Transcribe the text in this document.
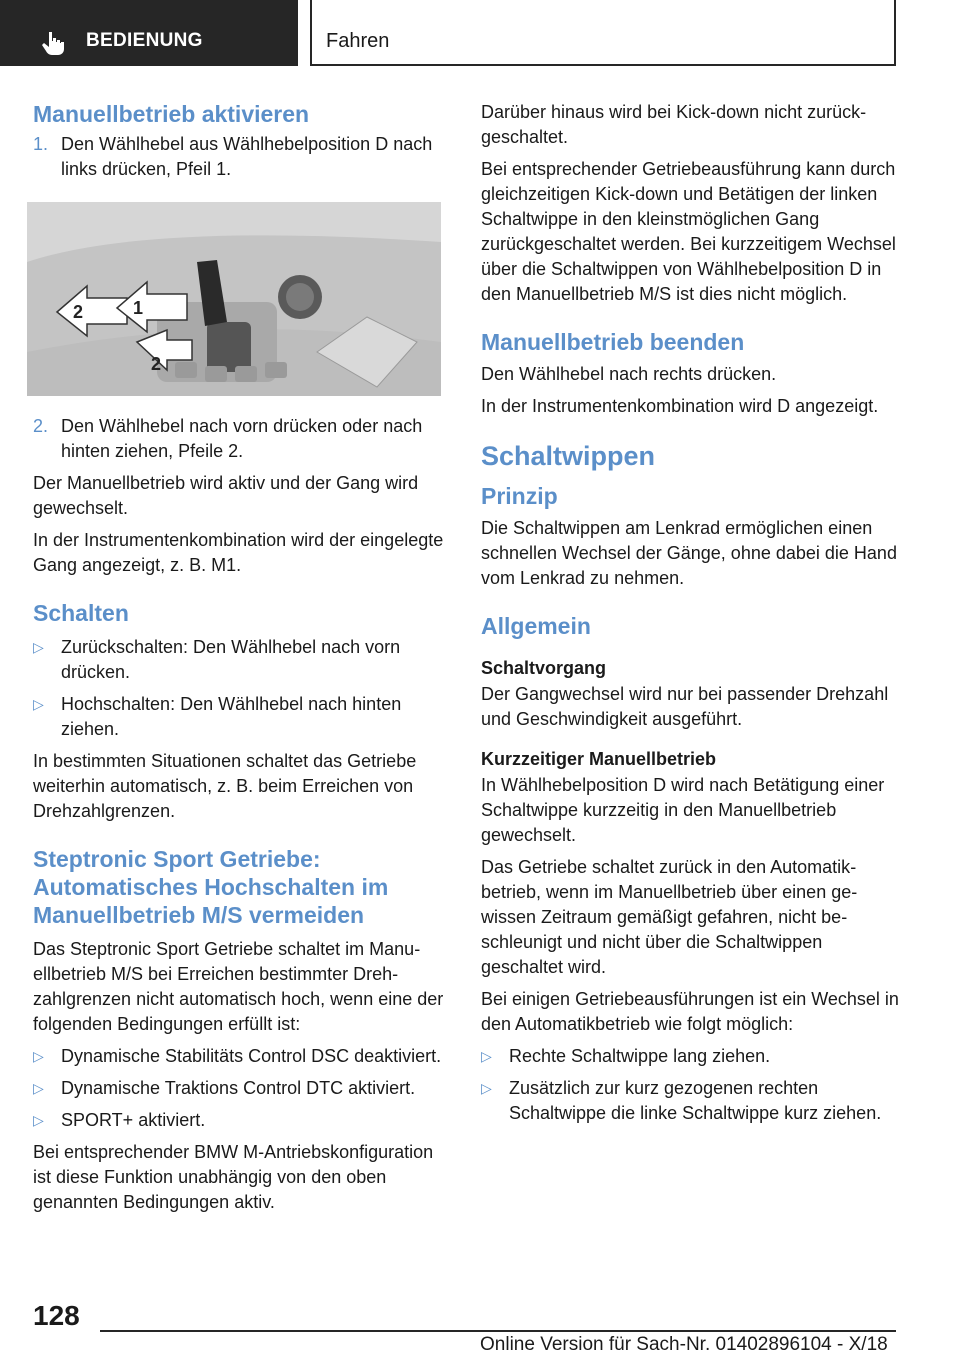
BEDIENUNG	Fahren
Manuellbetrieb aktivieren
1. Den Wählhebel aus Wählhebelposition D nach links drücken, Pfeil 1.
2	1
2
2. Den Wählhebel nach vorn drücken oder nach hinten ziehen, Pfeile 2.
Der Manuellbetrieb wird aktiv und der Gang wird gewechselt.
In der Instrumentenkombination wird der eingelegte Gang angezeigt, z. B. M1.
Schalten
▷ Zurückschalten: Den Wählhebel nach vorn drücken.
▷ Hochschalten: Den Wählhebel nach hinten ziehen.
In bestimmten Situationen schaltet das Getriebe weiterhin automatisch, z. B. beim Erreichen von Drehzahlgrenzen.
Steptronic Sport Getriebe: Automatisches Hochschalten im Manuellbetrieb M/S vermeiden
Das Steptronic Sport Getriebe schaltet im Manuellbetrieb M/S bei Erreichen bestimmter Drehzahlgrenzen nicht automatisch hoch, wenn eine der folgenden Bedingungen erfüllt ist:
▷ Dynamische Stabilitäts Control DSC deaktiviert.
▷ Dynamische Traktions Control DTC aktiviert.
▷ SPORT+ aktiviert.
Bei entsprechender BMW M-Antriebskonfiguration ist diese Funktion unabhängig von den oben genannten Bedingungen aktiv.
Darüber hinaus wird bei Kick-down nicht zurückgeschaltet.
Bei entsprechender Getriebeausführung kann durch gleichzeitigen Kick-down und Betätigen der linken Schaltwippe in den kleinstmöglichen Gang zurückgeschaltet werden. Bei kurzzeitigem Wechsel über die Schaltwippen von Wählhebelposition D in den Manuellbetrieb M/S ist dies nicht möglich.
Manuellbetrieb beenden
Den Wählhebel nach rechts drücken.
In der Instrumentenkombination wird D angezeigt.
Schaltwippen
Prinzip
Die Schaltwippen am Lenkrad ermöglichen einen schnellen Wechsel der Gänge, ohne dabei die Hand vom Lenkrad zu nehmen.
Allgemein
Schaltvorgang
Der Gangwechsel wird nur bei passender Drehzahl und Geschwindigkeit ausgeführt.
Kurzzeitiger Manuellbetrieb
In Wählhebelposition D wird nach Betätigung einer Schaltwippe kurzzeitig in den Manuellbetrieb gewechselt.
Das Getriebe schaltet zurück in den Automatikbetrieb, wenn im Manuellbetrieb über einen gewissen Zeitraum gemäßigt gefahren, nicht beschleunigt und nicht über die Schaltwippen geschaltet wird.
Bei einigen Getriebeausführungen ist ein Wechsel in den Automatikbetrieb wie folgt möglich:
▷ Rechte Schaltwippe lang ziehen.
▷ Zusätzlich zur kurz gezogenen rechten Schaltwippe die linke Schaltwippe kurz ziehen.
128
Online Version für Sach-Nr. 01402896104 - X/18
